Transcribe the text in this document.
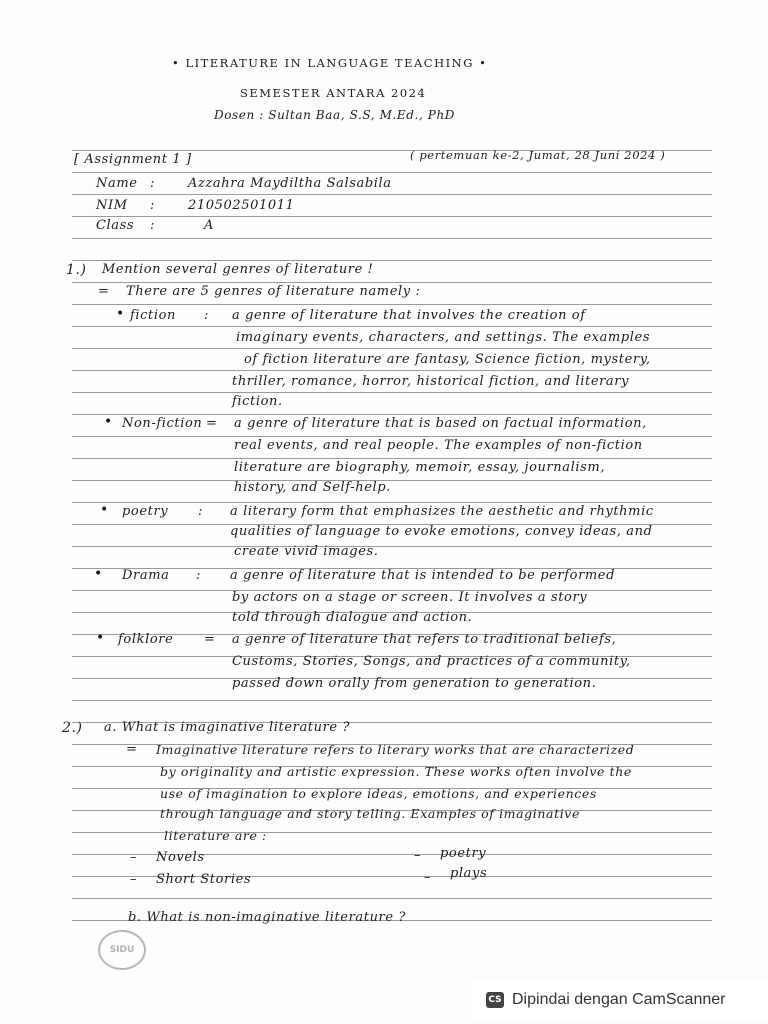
• LITERATURE IN LANGUAGE TEACHING •
SEMESTER ANTARA 2024
Dosen : Sultan Baa, S.S, M.Ed., PhD
[ Assignment 1 ]	( pertemuan ke-2, Jumat, 28 Juni 2024 )
Name :	Azzahra Maydiltha Salsabila
NIM :	210502501011
Class :	A
1.) Mention several genres of literature !
= There are 5 genres of literature namely :
• fiction : a genre of literature that involves the creation of
imaginary events, characters, and settings. The examples
of fiction literature are fantasy, Science fiction, mystery,
thriller, romance, horror, historical fiction, and literary
fiction.
• Non-fiction = a genre of literature that is based on factual information,
real events, and real people. The examples of non-fiction
literature are biography, memoir, essay, journalism,
history, and Self-help.
• poetry : a literary form that emphasizes the aesthetic and rhythmic
qualities of language to evoke emotions, convey ideas, and
create vivid images.
• Drama : a genre of literature that is intended to be performed
by actors on a stage or screen. It involves a story
told through dialogue and action.
• folklore = a genre of literature that refers to traditional beliefs,
Customs, Stories, Songs, and practices of a community,
passed down orally from generation to generation.
2.) a. What is imaginative literature ?
= Imaginative literature refers to literary works that are characterized
by originality and artistic expression. These works often involve the
use of imagination to explore ideas, emotions, and experiences
through language and story telling. Examples of imaginative
literature are :
– Novels
– Short Stories
– poetry
– plays
b. What is non-imaginative literature ?
SIDU
CS Dipindai dengan CamScanner
